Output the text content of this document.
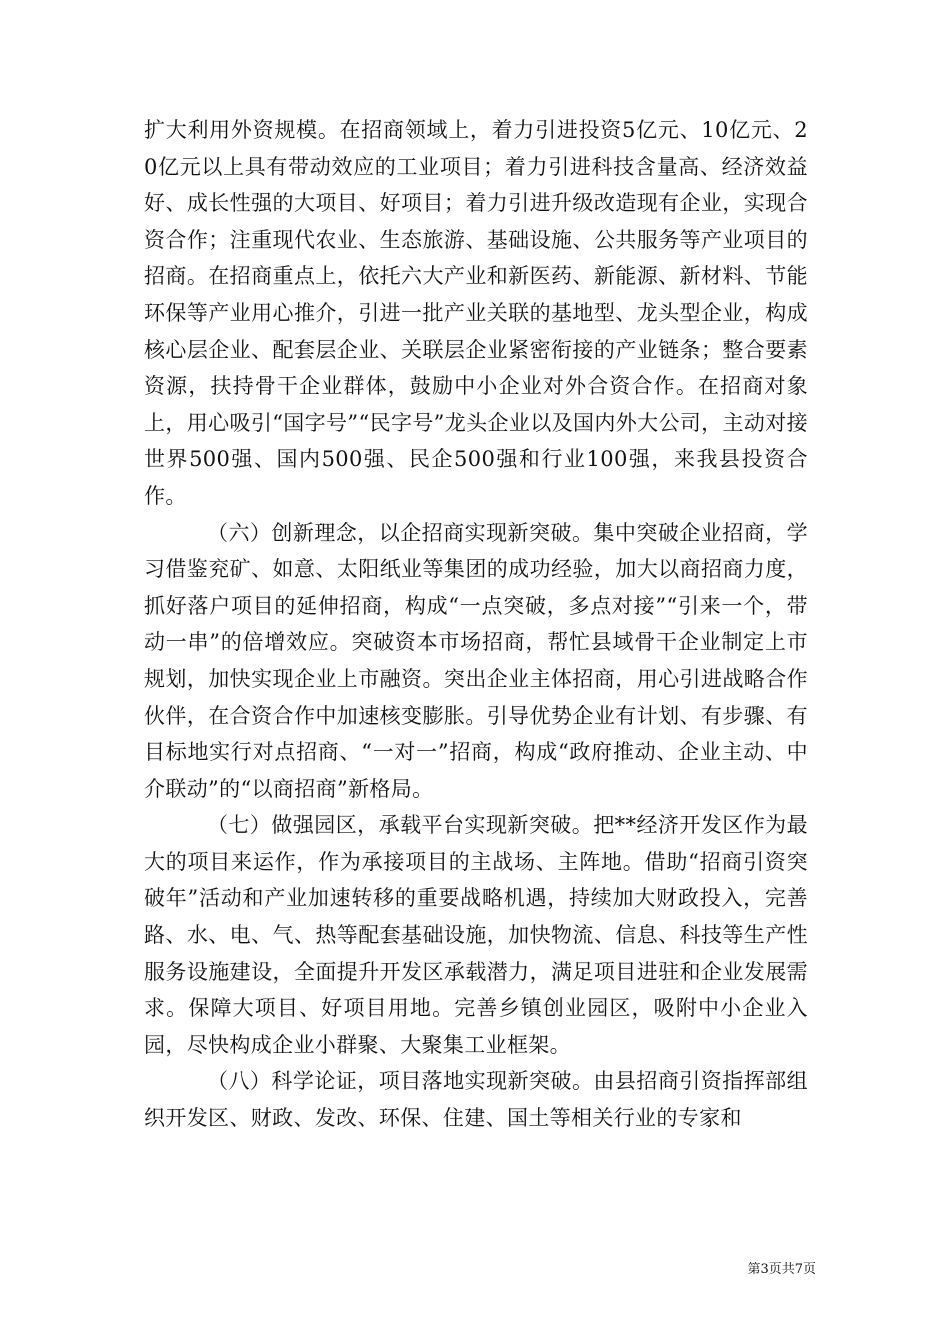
扩大利用外资规模。在招商领域上，着力引进投资5亿元、10亿元、20亿元以上具有带动效应的工业项目；着力引进科技含量高、经济效益好、成长性强的大项目、好项目；着力引进升级改造现有企业，实现合资合作；注重现代农业、生态旅游、基础设施、公共服务等产业项目的招商。在招商重点上，依托六大产业和新医药、新能源、新材料、节能环保等产业用心推介，引进一批产业关联的基地型、龙头型企业，构成核心层企业、配套层企业、关联层企业紧密衔接的产业链条；整合要素资源，扶持骨干企业群体，鼓励中小企业对外合资合作。在招商对象上，用心吸引“国字号”“民字号”龙头企业以及国内外大公司，主动对接世界500强、国内500强、民企500强和行业100强，来我县投资合作。

（六）创新理念，以企招商实现新突破。集中突破企业招商，学习借鉴兖矿、如意、太阳纸业等集团的成功经验，加大以商招商力度，抓好落户项目的延伸招商，构成“一点突破，多点对接”“引来一个，带动一串”的倍增效应。突破资本市场招商，帮忙县域骨干企业制定上市规划，加快实现企业上市融资。突出企业主体招商，用心引进战略合作伙伴，在合资合作中加速核变膨胀。引导优势企业有计划、有步骤、有目标地实行对点招商、“一对一”招商，构成“政府推动、企业主动、中介联动”的“以商招商”新格局。

（七）做强园区，承载平台实现新突破。把**经济开发区作为最大的项目来运作，作为承接项目的主战场、主阵地。借助“招商引资突破年”活动和产业加速转移的重要战略机遇，持续加大财政投入，完善路、水、电、气、热等配套基础设施，加快物流、信息、科技等生产性服务设施建设，全面提升开发区承载潜力，满足项目进驻和企业发展需求。保障大项目、好项目用地。完善乡镇创业园区，吸附中小企业入园，尽快构成企业小群聚、大聚集工业框架。

（八）科学论证，项目落地实现新突破。由县招商引资指挥部组织开发区、财政、发改、环保、住建、国土等相关行业的专家和

第3页共7页
